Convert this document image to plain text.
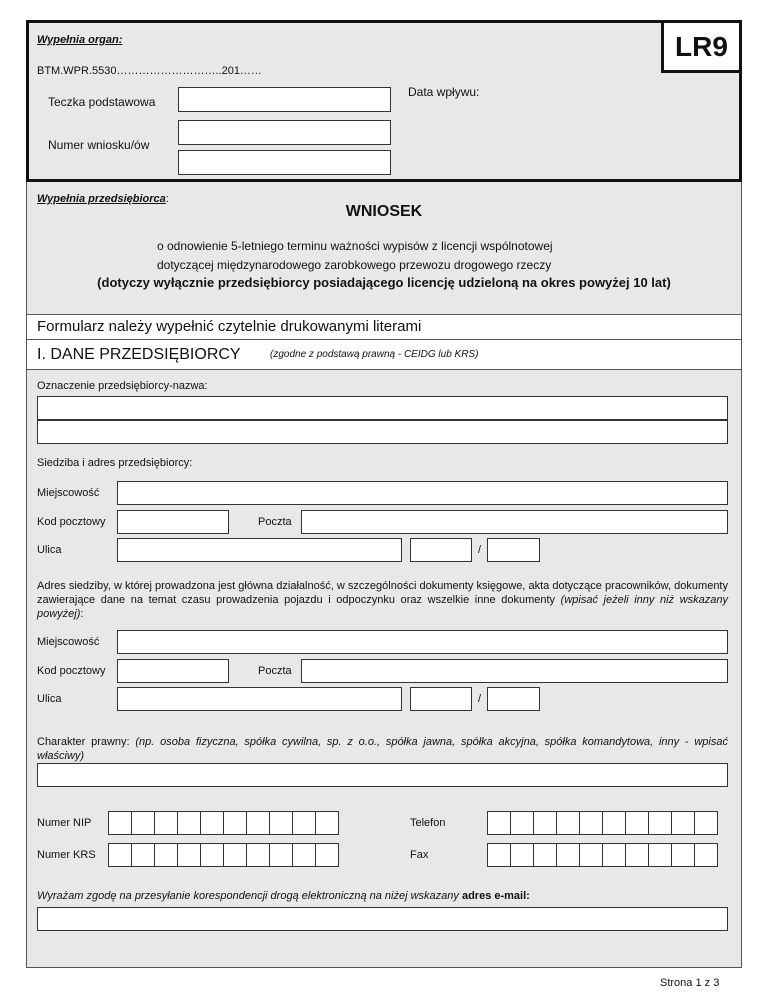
LR9
Wypełnia organ:
BTM.WPR.5530………………………..201……
Teczka podstawowa
Data wpływu:
Numer wniosku/ów
Wypełnia przedsiębiorca:
WNIOSEK
o odnowienie 5-letniego terminu ważności wypisów z licencji wspólnotowej
dotyczącej międzynarodowego zarobkowego przewozu drogowego rzeczy
(dotyczy wyłącznie przedsiębiorcy posiadającego licencję udzieloną na okres powyżej 10 lat)
Formularz należy wypełnić czytelnie drukowanymi literami
I. DANE PRZEDSIĘBIORCY	(zgodne z podstawą prawną - CEIDG lub KRS)
Oznaczenie przedsiębiorcy-nazwa:
Siedziba i adres przedsiębiorcy:
Miejscowość
Kod pocztowy	Poczta
Ulica	/
Adres siedziby, w której prowadzona jest główna działalność, w szczególności dokumenty księgowe, akta dotyczące pracowników, dokumenty zawierające dane na temat czasu prowadzenia pojazdu i odpoczynku oraz wszelkie inne dokumenty (wpisać jeżeli inny niż wskazany powyżej):
Miejscowość
Kod pocztowy	Poczta
Ulica	/
Charakter prawny: (np. osoba fizyczna, spółka cywilna, sp. z o.o., spółka jawna, spółka akcyjna, spółka komandytowa, inny - wpisać właściwy)
Numer NIP	Telefon
Numer KRS	Fax
Wyrażam zgodę na przesyłanie korespondencji drogą elektroniczną na niżej wskazany adres e-mail:
Strona 1 z 3
